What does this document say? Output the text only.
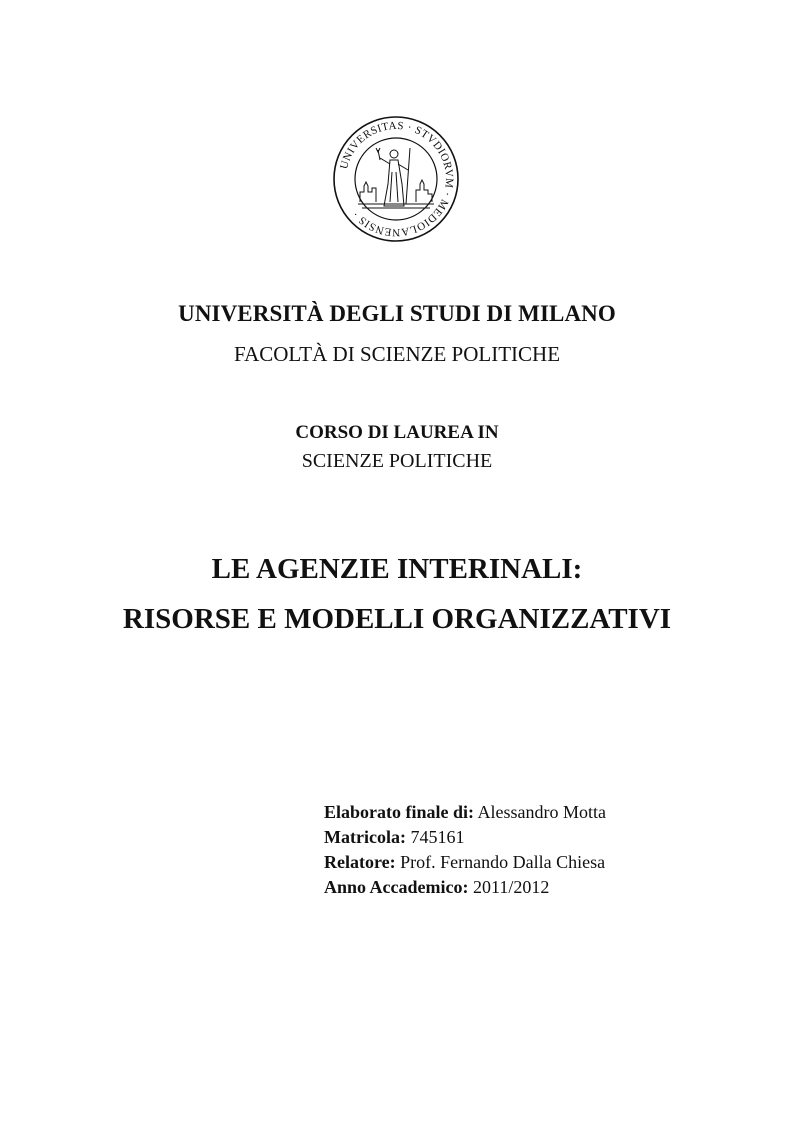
UNIVERSITAS · STVDIORVM · MEDIOLANENSIS ·
UNIVERSITÀ DEGLI STUDI DI MILANO
FACOLTÀ DI SCIENZE POLITICHE
CORSO DI LAUREA IN
SCIENZE POLITICHE
LE AGENZIE INTERINALI:
RISORSE E MODELLI ORGANIZZATIVI
Elaborato finale di: Alessandro Motta
Matricola: 745161
Relatore: Prof. Fernando Dalla Chiesa
Anno Accademico: 2011/2012
